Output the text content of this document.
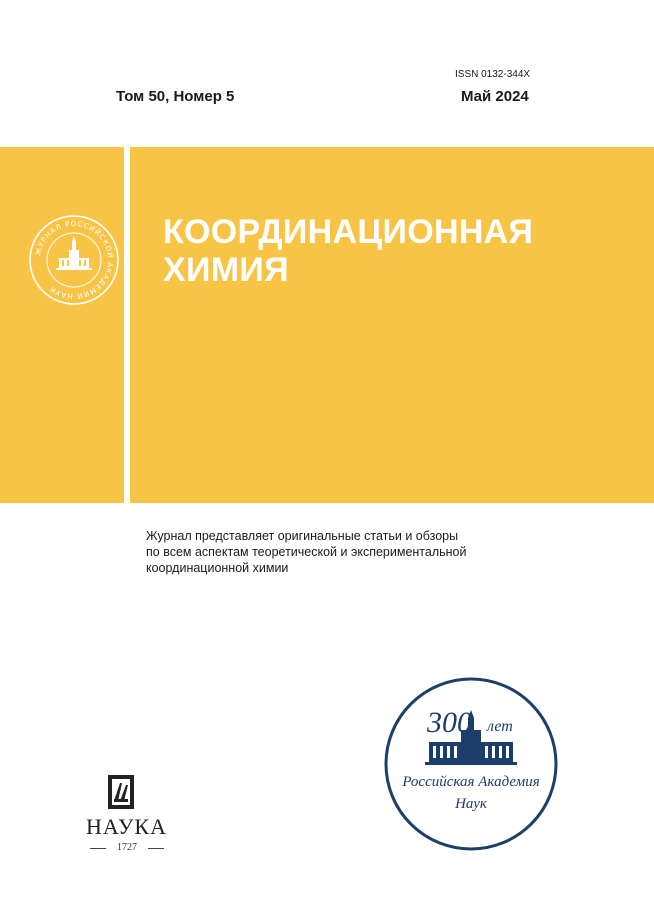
ISSN 0132-344X
Том 50, Номер 5	Май 2024
ЖУРНАЛ РОССИЙСКОЙ АКАДЕМИИ НАУК
КООРДИНАЦИОННАЯ
ХИМИЯ
Журнал представляет оригинальные статьи и обзоры
по всем аспектам теоретической и экспериментальной
координационной химии
НАУКА
1727
300 лет
Российская Академия
Наук
